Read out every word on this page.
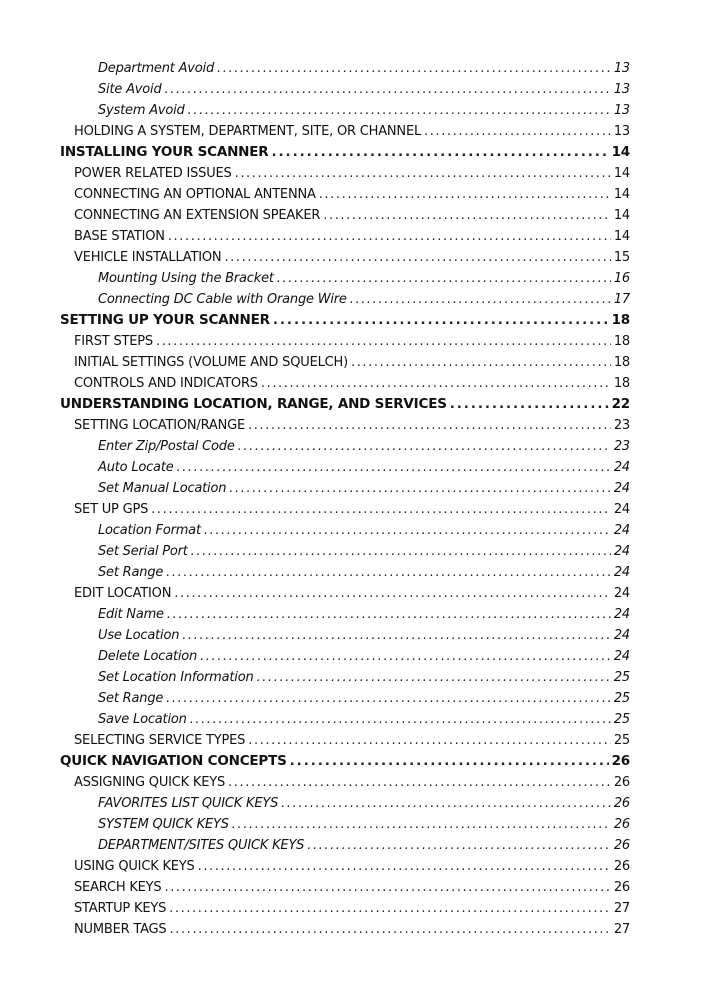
Department Avoid .....	13
Site Avoid .....	13
System Avoid .....	13
HOLDING A SYSTEM, DEPARTMENT, SITE, OR CHANNEL .....	13
INSTALLING YOUR SCANNER .....	14
POWER RELATED ISSUES .....	14
CONNECTING AN OPTIONAL ANTENNA .....	14
CONNECTING AN EXTENSION SPEAKER .....	14
BASE STATION .....	14
VEHICLE INSTALLATION .....	15
Mounting Using the Bracket .....	16
Connecting DC Cable with Orange Wire .....	17
SETTING UP YOUR SCANNER .....	18
FIRST STEPS .....	18
INITIAL SETTINGS (VOLUME AND SQUELCH) .....	18
CONTROLS AND INDICATORS .....	18
UNDERSTANDING LOCATION, RANGE, AND SERVICES .....	22
SETTING LOCATION/RANGE .....	23
Enter Zip/Postal Code .....	23
Auto Locate .....	24
Set Manual Location .....	24
SET UP GPS .....	24
Location Format .....	24
Set Serial Port .....	24
Set Range .....	24
EDIT LOCATION .....	24
Edit Name .....	24
Use Location .....	24
Delete Location .....	24
Set Location Information .....	25
Set Range .....	25
Save Location .....	25
SELECTING SERVICE TYPES .....	25
QUICK NAVIGATION CONCEPTS .....	26
ASSIGNING QUICK KEYS .....	26
FAVORITES LIST QUICK KEYS .....	26
SYSTEM QUICK KEYS .....	26
DEPARTMENT/SITES QUICK KEYS .....	26
USING QUICK KEYS .....	26
SEARCH KEYS .....	26
STARTUP KEYS .....	27
NUMBER TAGS .....	27
